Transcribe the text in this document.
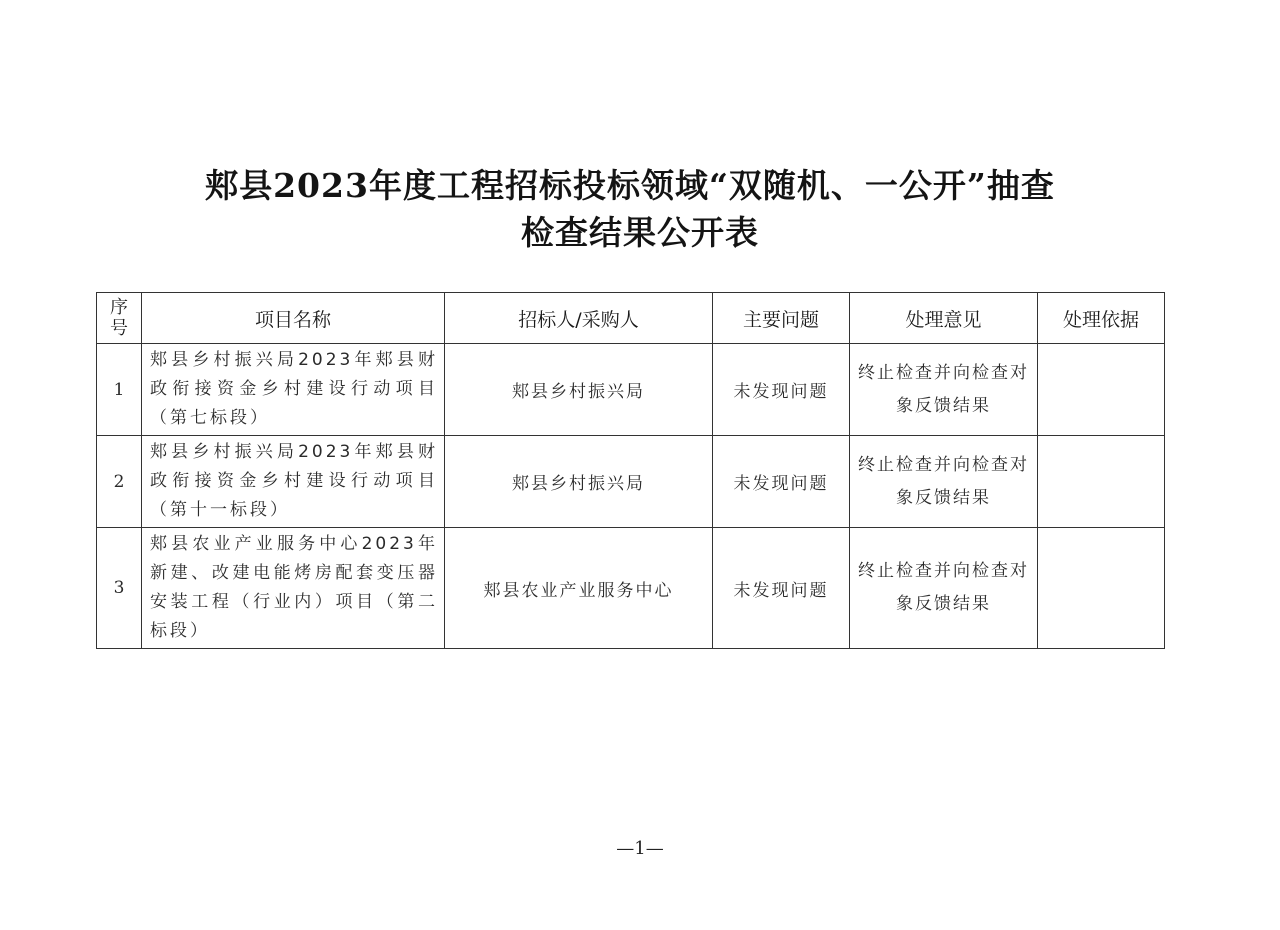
郏县2023年度工程招标投标领域“双随机、一公开”抽查
检查结果公开表
序号	项目名称	招标人/采购人	主要问题	处理意见	处理依据
1	郏县乡村振兴局2023年郏县财政衔接资金乡村建设行动项目（第七标段）	郏县乡村振兴局	未发现问题	终止检查并向检查对象反馈结果	
2	郏县乡村振兴局2023年郏县财政衔接资金乡村建设行动项目（第十一标段）	郏县乡村振兴局	未发现问题	终止检查并向检查对象反馈结果	
3	郏县农业产业服务中心2023年新建、改建电能烤房配套变压器安装工程（行业内）项目（第二标段）	郏县农业产业服务中心	未发现问题	终止检查并向检查对象反馈结果	
—1—
